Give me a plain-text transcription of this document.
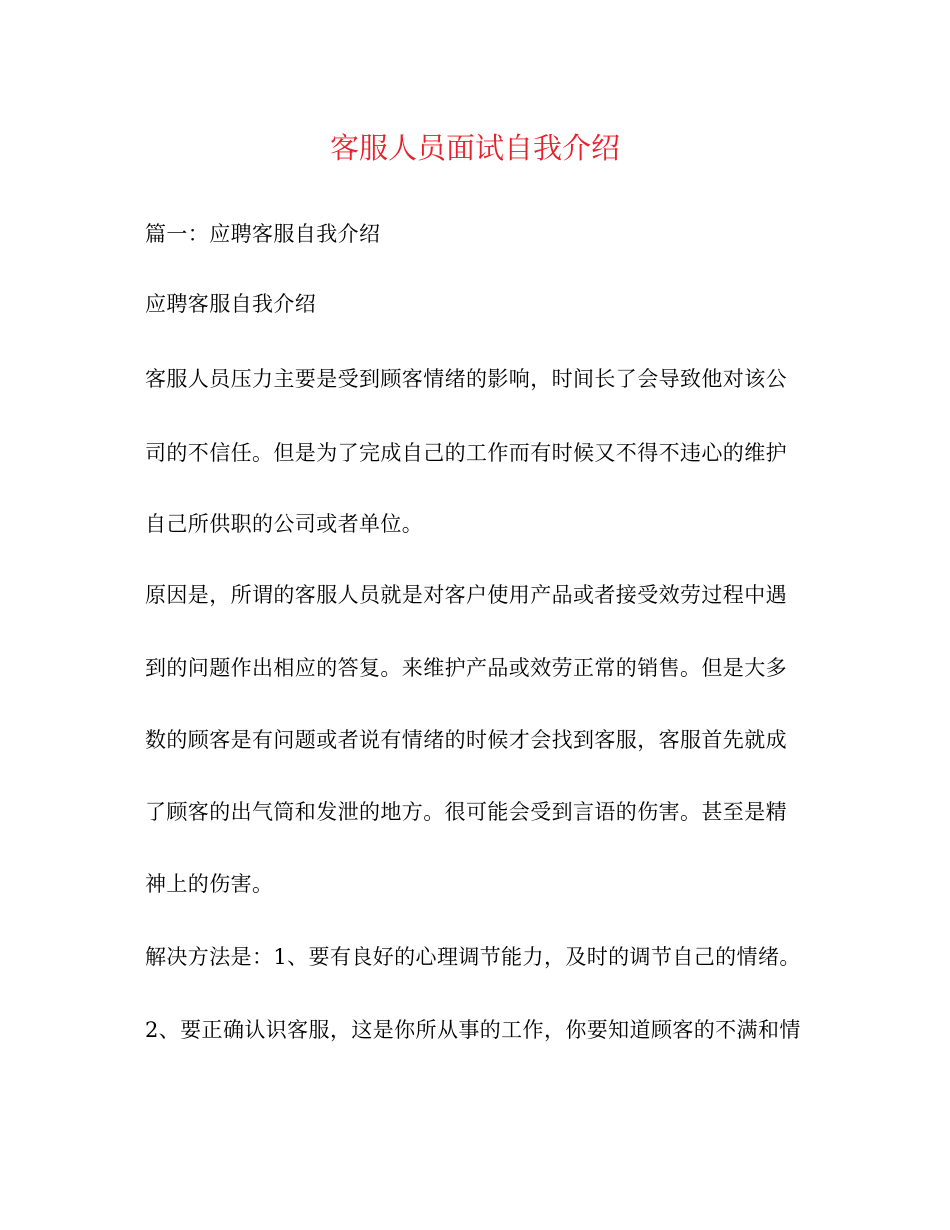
客服人员面试自我介绍
篇一：应聘客服自我介绍
应聘客服自我介绍
客服人员压力主要是受到顾客情绪的影响，时间长了会导致他对该公
司的不信任。但是为了完成自己的工作而有时候又不得不违心的维护
自己所供职的公司或者单位。
原因是，所谓的客服人员就是对客户使用产品或者接受效劳过程中遇
到的问题作出相应的答复。来维护产品或效劳正常的销售。但是大多
数的顾客是有问题或者说有情绪的时候才会找到客服，客服首先就成
了顾客的出气筒和发泄的地方。很可能会受到言语的伤害。甚至是精
神上的伤害。
解决方法是：1、要有良好的心理调节能力，及时的调节自己的情绪。
2、要正确认识客服，这是你所从事的工作，你要知道顾客的不满和情
